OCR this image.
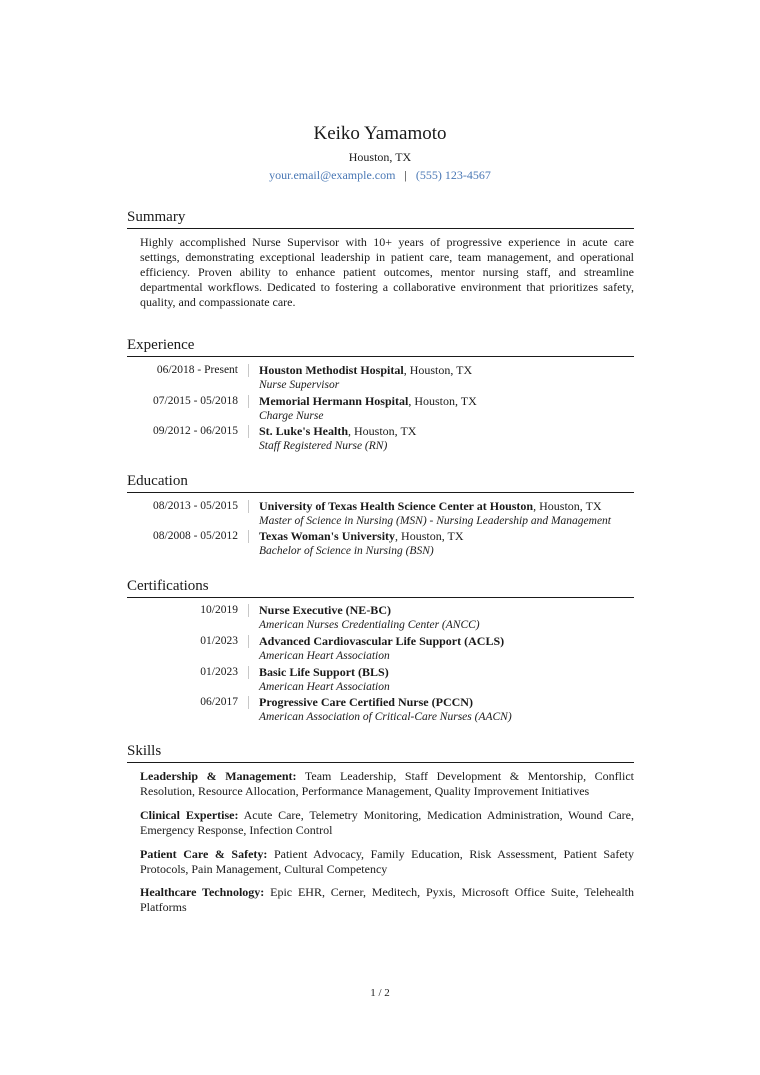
Keiko Yamamoto
Houston, TX
your.email@example.com | (555) 123-4567
Summary
Highly accomplished Nurse Supervisor with 10+ years of progressive experience in acute care settings, demonstrating exceptional leadership in patient care, team management, and operational efficiency. Proven ability to enhance patient outcomes, mentor nursing staff, and streamline departmental workflows. Dedicated to fostering a collaborative environment that prioritizes safety, quality, and compassionate care.
Experience
06/2018 - Present Houston Methodist Hospital, Houston, TX
Nurse Supervisor
07/2015 - 05/2018 Memorial Hermann Hospital, Houston, TX
Charge Nurse
09/2012 - 06/2015 St. Luke's Health, Houston, TX
Staff Registered Nurse (RN)
Education
08/2013 - 05/2015 University of Texas Health Science Center at Houston, Houston, TX
Master of Science in Nursing (MSN) - Nursing Leadership and Management
08/2008 - 05/2012 Texas Woman's University, Houston, TX
Bachelor of Science in Nursing (BSN)
Certifications
10/2019 Nurse Executive (NE-BC)
American Nurses Credentialing Center (ANCC)
01/2023 Advanced Cardiovascular Life Support (ACLS)
American Heart Association
01/2023 Basic Life Support (BLS)
American Heart Association
06/2017 Progressive Care Certified Nurse (PCCN)
American Association of Critical-Care Nurses (AACN)
Skills
Leadership & Management: Team Leadership, Staff Development & Mentorship, Conflict Resolution, Resource Allocation, Performance Management, Quality Improvement Initiatives
Clinical Expertise: Acute Care, Telemetry Monitoring, Medication Administration, Wound Care, Emergency Response, Infection Control
Patient Care & Safety: Patient Advocacy, Family Education, Risk Assessment, Patient Safety Protocols, Pain Management, Cultural Competency
Healthcare Technology: Epic EHR, Cerner, Meditech, Pyxis, Microsoft Office Suite, Telehealth Platforms
1 / 2
